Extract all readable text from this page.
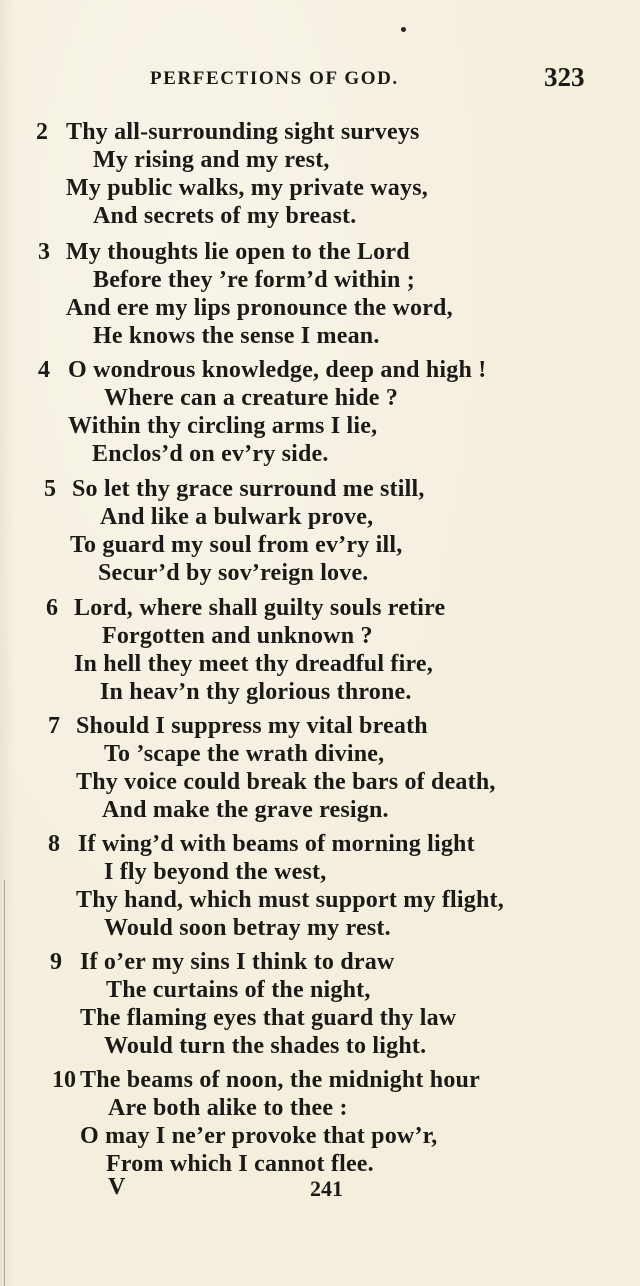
PERFECTIONS OF GOD.	323
2 Thy all-surrounding sight surveys
My rising and my rest,
My public walks, my private ways,
And secrets of my breast.
3 My thoughts lie open to the Lord
Before they ’re form’d within ;
And ere my lips pronounce the word,
He knows the sense I mean.
4 O wondrous knowledge, deep and high !
Where can a creature hide ?
Within thy circling arms I lie,
Enclos’d on ev’ry side.
5 So let thy grace surround me still,
And like a bulwark prove,
To guard my soul from ev’ry ill,
Secur’d by sov’reign love.
6 Lord, where shall guilty souls retire
Forgotten and unknown ?
In hell they meet thy dreadful fire,
In heav’n thy glorious throne.
7 Should I suppress my vital breath
To ’scape the wrath divine,
Thy voice could break the bars of death,
And make the grave resign.
8 If wing’d with beams of morning light
I fly beyond the west,
Thy hand, which must support my flight,
Would soon betray my rest.
9 If o’er my sins I think to draw
The curtains of the night,
The flaming eyes that guard thy law
Would turn the shades to light.
10 The beams of noon, the midnight hour
Are both alike to thee :
O may I ne’er provoke that pow’r,
From which I cannot flee.
V	241
